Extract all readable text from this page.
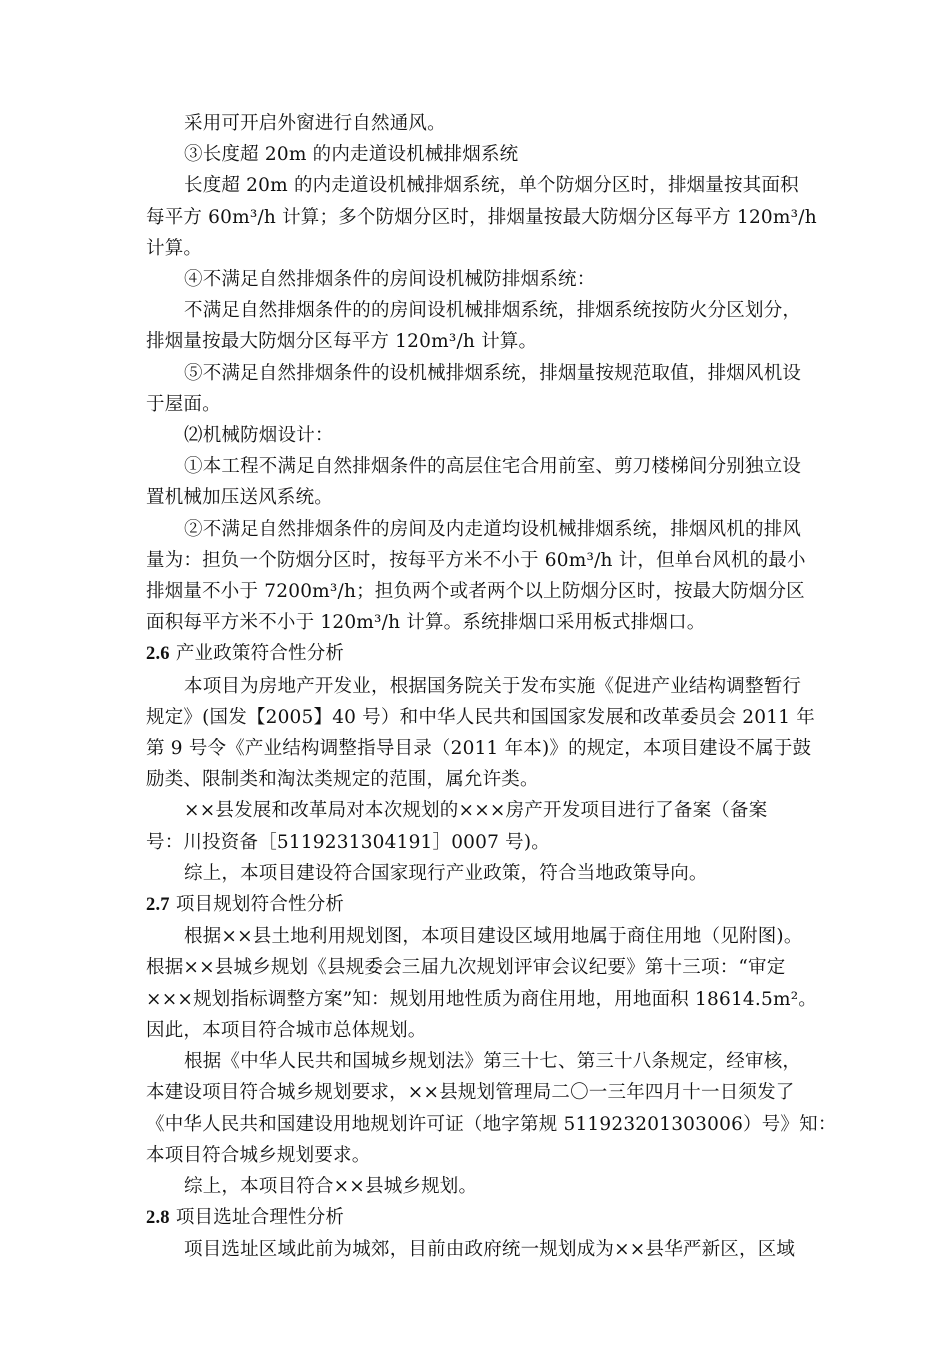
采用可开启外窗进行自然通风。
③长度超 20m 的内走道设机械排烟系统
长度超 20m 的内走道设机械排烟系统，单个防烟分区时，排烟量按其面积
每平方 60m³/h 计算；多个防烟分区时，排烟量按最大防烟分区每平方 120m³/h
计算。
④不满足自然排烟条件的房间设机械防排烟系统：
不满足自然排烟条件的的房间设机械排烟系统，排烟系统按防火分区划分，
排烟量按最大防烟分区每平方 120m³/h 计算。
⑤不满足自然排烟条件的设机械排烟系统，排烟量按规范取值，排烟风机设
于屋面。
⑵机械防烟设计：
①本工程不满足自然排烟条件的高层住宅合用前室、剪刀楼梯间分别独立设
置机械加压送风系统。
②不满足自然排烟条件的房间及内走道均设机械排烟系统，排烟风机的排风
量为：担负一个防烟分区时，按每平方米不小于 60m³/h 计，但单台风机的最小
排烟量不小于 7200m³/h；担负两个或者两个以上防烟分区时，按最大防烟分区
面积每平方米不小于 120m³/h 计算。系统排烟口采用板式排烟口。
2.6 产业政策符合性分析
本项目为房地产开发业，根据国务院关于发布实施《促进产业结构调整暂行
规定》(国发【2005】40 号）和中华人民共和国国家发展和改革委员会 2011 年
第 9 号令《产业结构调整指导目录（2011 年本)》的规定，本项目建设不属于鼓
励类、限制类和淘汰类规定的范围，属允许类。
××县发展和改革局对本次规划的×××房产开发项目进行了备案（备案
号：川投资备［5119231304191］0007 号)。
综上，本项目建设符合国家现行产业政策，符合当地政策导向。
2.7 项目规划符合性分析
根据××县土地利用规划图，本项目建设区域用地属于商住用地（见附图)。
根据××县城乡规划《县规委会三届九次规划评审会议纪要》第十三项：“审定
×××规划指标调整方案”知：规划用地性质为商住用地，用地面积 18614.5m²。
因此，本项目符合城市总体规划。
根据《中华人民共和国城乡规划法》第三十七、第三十八条规定，经审核，
本建设项目符合城乡规划要求，××县规划管理局二〇一三年四月十一日须发了
《中华人民共和国建设用地规划许可证（地字第规 511923201303006）号》知：
本项目符合城乡规划要求。
综上，本项目符合××县城乡规划。
2.8 项目选址合理性分析
项目选址区域此前为城郊，目前由政府统一规划成为××县华严新区，区域
